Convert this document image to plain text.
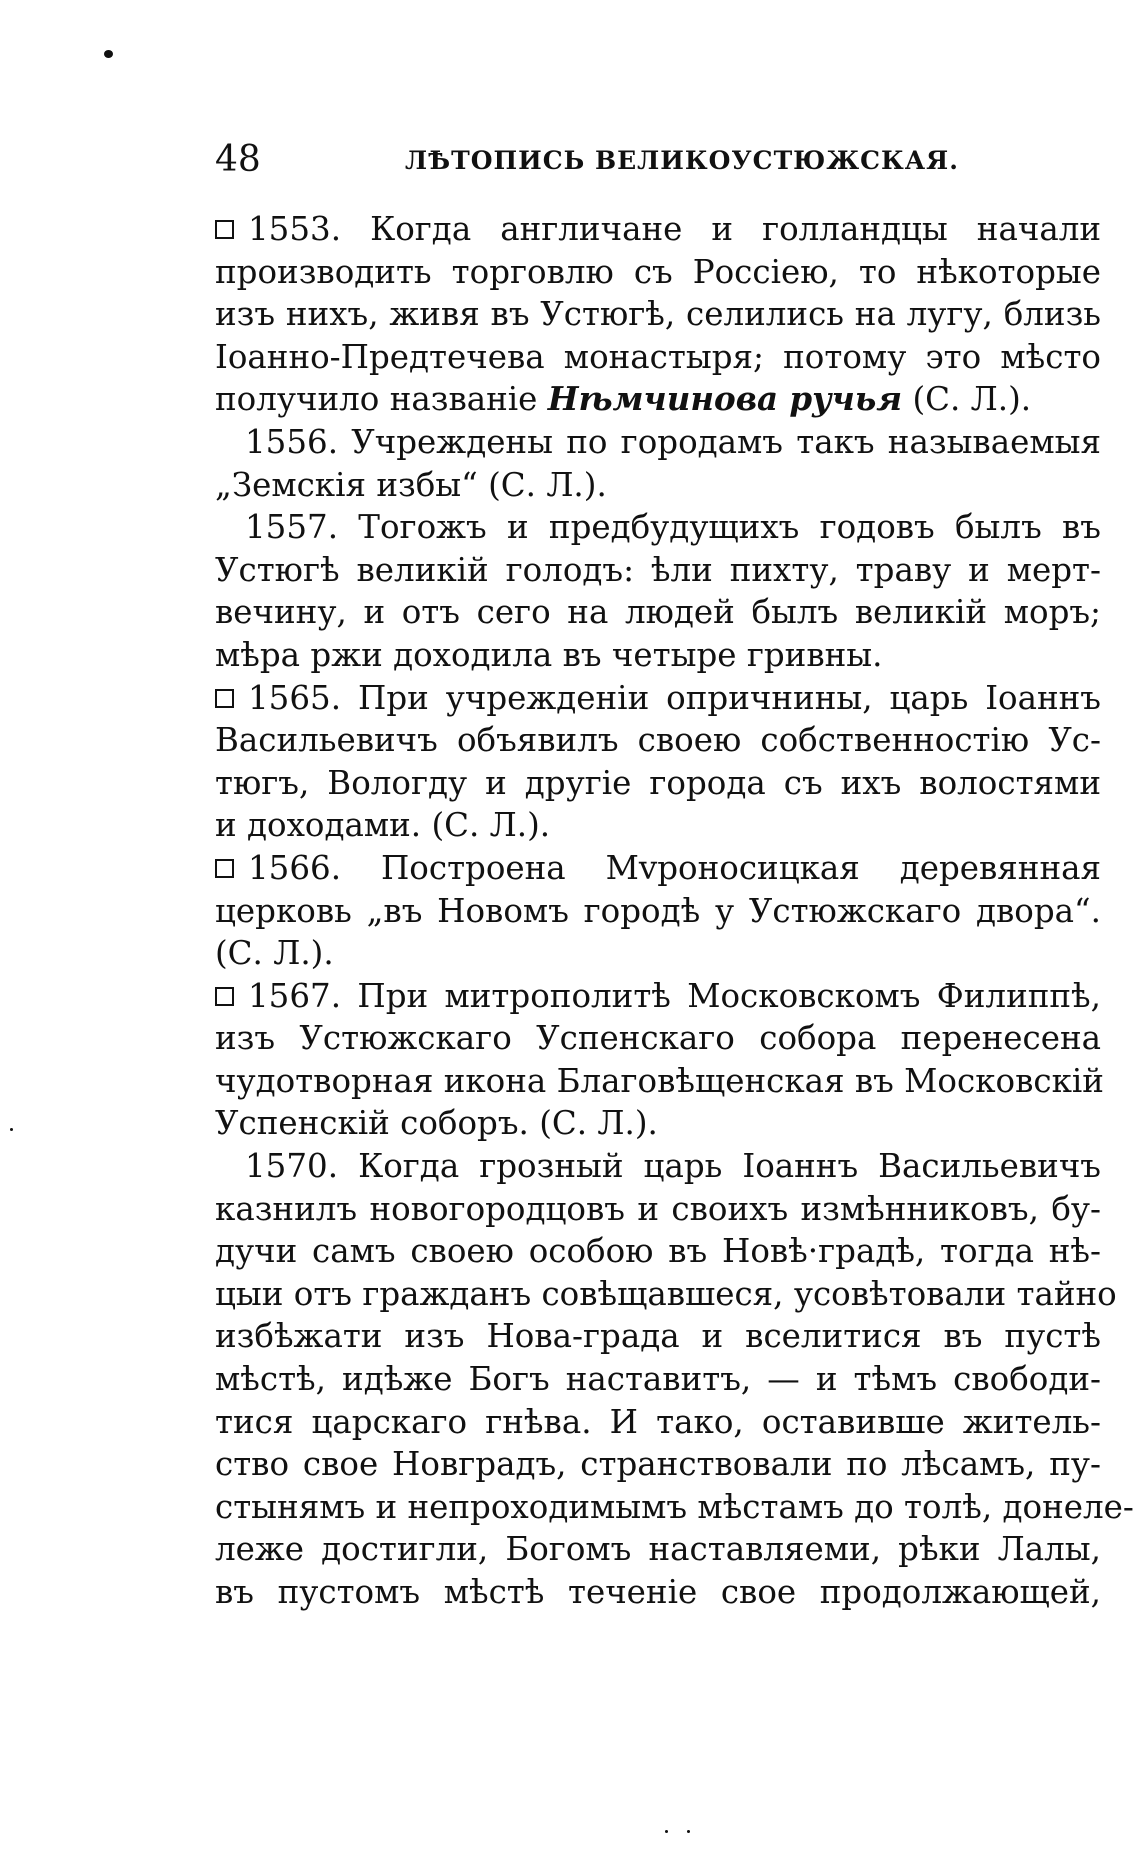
48	ЛѢТОПИСЬ ВЕЛИКОУСТЮЖСКАЯ.
1553. Когда англичане и голландцы начали
производить торговлю съ Россіею, то нѣкоторые
изъ нихъ, живя въ Устюгѣ, селились на лугу, близь
Іоанно-Предтечева монастыря; потому это мѣсто
получило названіе Нѣмчинова ручья (С. Л.).
1556. Учреждены по городамъ такъ называемыя
„Земскія избы“ (С. Л.).
1557. Тогожъ и предбудущихъ годовъ былъ въ
Устюгѣ великій голодъ: ѣли пихту, траву и мерт-
вечину, и отъ сего на людей былъ великій моръ;
мѣра ржи доходила въ четыре гривны.
1565. При учрежденіи опричнины, царь Іоаннъ
Васильевичъ объявилъ своею собственностію Ус-
тюгъ, Вологду и другіе города съ ихъ волостями
и доходами. (С. Л.).
1566. Построена Мvроносицкая деревянная
церковь „въ Новомъ городѣ у Устюжскаго двора“.
(С. Л.).
1567. При митрополитѣ Московскомъ Филиппѣ,
изъ Устюжскаго Успенскаго собора перенесена
чудотворная икона Благовѣщенская въ Московскій
Успенскій соборъ. (С. Л.).
1570. Когда грозный царь Іоаннъ Васильевичъ
казнилъ новогородцовъ и своихъ измѣнниковъ, бу-
дучи самъ своею особою въ Новѣ·градѣ, тогда нѣ-
цыи отъ гражданъ совѣщавшеся, усовѣтовали тайно
избѣжати изъ Нова-града и вселитися въ пустѣ
мѣстѣ, идѣже Богъ наставитъ, — и тѣмъ свободи-
тися царскаго гнѣва. И тако, оставивше житель-
ство свое Новградъ, странствовали по лѣсамъ, пу-
стынямъ и непроходимымъ мѣстамъ до толѣ, донеле-
леже достигли, Богомъ наставляеми, рѣки Лалы,
въ пустомъ мѣстѣ теченіе свое продолжающей,
